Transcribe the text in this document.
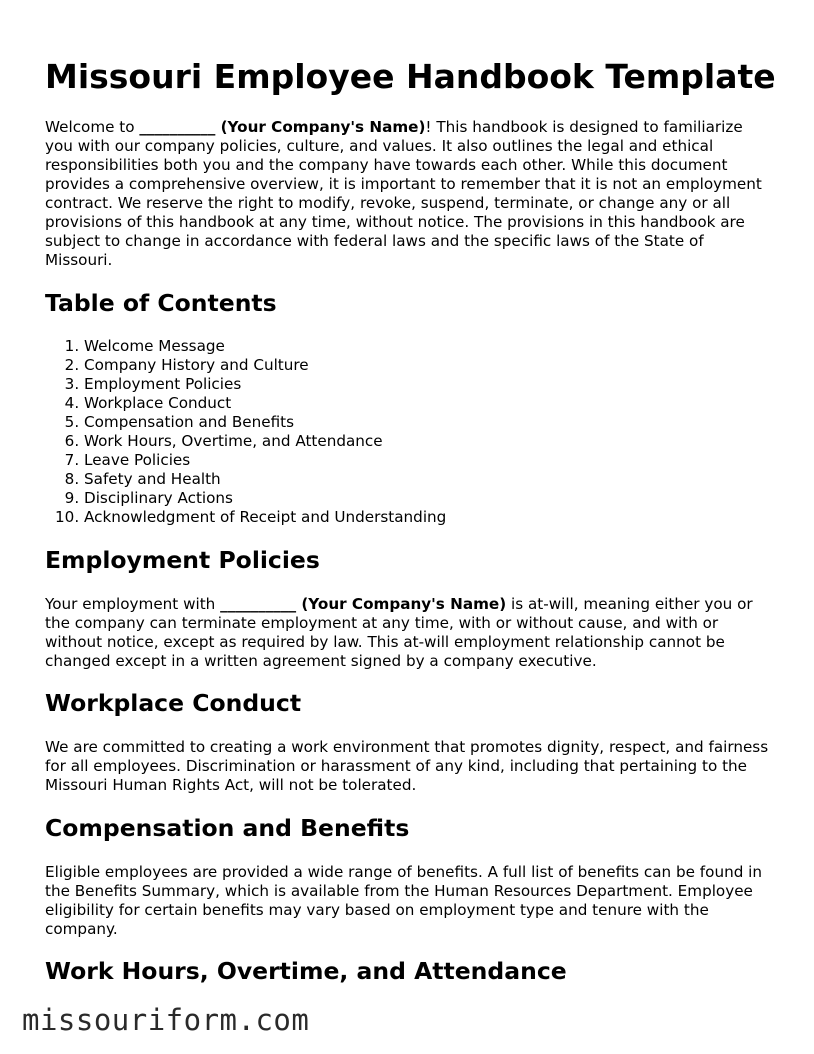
Missouri Employee Handbook Template

Welcome to __________ (Your Company's Name)! This handbook is designed to familiarize you with our company policies, culture, and values. It also outlines the legal and ethical responsibilities both you and the company have towards each other. While this document provides a comprehensive overview, it is important to remember that it is not an employment contract. We reserve the right to modify, revoke, suspend, terminate, or change any or all provisions of this handbook at any time, without notice. The provisions in this handbook are subject to change in accordance with federal laws and the specific laws of the State of Missouri.

Table of Contents
1. Welcome Message
2. Company History and Culture
3. Employment Policies
4. Workplace Conduct
5. Compensation and Benefits
6. Work Hours, Overtime, and Attendance
7. Leave Policies
8. Safety and Health
9. Disciplinary Actions
10. Acknowledgment of Receipt and Understanding
Employment Policies

Your employment with __________ (Your Company's Name) is at-will, meaning either you or the company can terminate employment at any time, with or without cause, and with or without notice, except as required by law. This at-will employment relationship cannot be changed except in a written agreement signed by a company executive.

Workplace Conduct

We are committed to creating a work environment that promotes dignity, respect, and fairness for all employees. Discrimination or harassment of any kind, including that pertaining to the Missouri Human Rights Act, will not be tolerated.

Compensation and Benefits

Eligible employees are provided a wide range of benefits. A full list of benefits can be found in the Benefits Summary, which is available from the Human Resources Department. Employee eligibility for certain benefits may vary based on employment type and tenure with the company.

Work Hours, Overtime, and Attendance
missouriform.com
